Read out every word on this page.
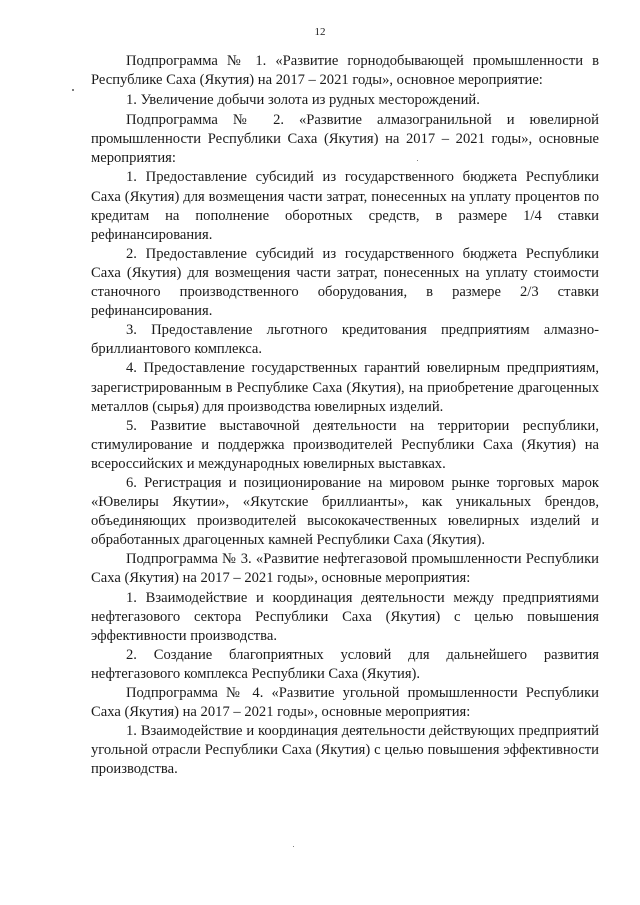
12

Подпрограмма № 1. «Развитие горнодобывающей промышленности в Республике Саха (Якутия) на 2017 – 2021 годы», основное мероприятие:

1. Увеличение добычи золота из рудных месторождений.

Подпрограмма № 2. «Развитие алмазогранильной и ювелирной промышленности Республики Саха (Якутия) на 2017 – 2021 годы», основные мероприятия:

1. Предоставление субсидий из государственного бюджета Республики Саха (Якутия) для возмещения части затрат, понесенных на уплату процентов по кредитам на пополнение оборотных средств, в размере 1/4 ставки рефинансирования.

2. Предоставление субсидий из государственного бюджета Республики Саха (Якутия) для возмещения части затрат, понесенных на уплату стоимости станочного производственного оборудования, в размере 2/3 ставки рефинансирования.

3. Предоставление льготного кредитования предприятиям алмазно-бриллиантового комплекса.

4. Предоставление государственных гарантий ювелирным предприятиям, зарегистрированным в Республике Саха (Якутия), на приобретение драгоценных металлов (сырья) для производства ювелирных изделий.

5. Развитие выставочной деятельности на территории республики, стимулирование и поддержка производителей Республики Саха (Якутия) на всероссийских и международных ювелирных выставках.

6. Регистрация и позиционирование на мировом рынке торговых марок «Ювелиры Якутии», «Якутские бриллианты», как уникальных брендов, объединяющих производителей высококачественных ювелирных изделий и обработанных драгоценных камней Республики Саха (Якутия).

Подпрограмма № 3. «Развитие нефтегазовой промышленности Республики Саха (Якутия) на 2017 – 2021 годы», основные мероприятия:

1. Взаимодействие и координация деятельности между предприятиями нефтегазового сектора Республики Саха (Якутия) с целью повышения эффективности производства.

2. Создание благоприятных условий для дальнейшего развития нефтегазового комплекса Республики Саха (Якутия).

Подпрограмма № 4. «Развитие угольной промышленности Республики Саха (Якутия) на 2017 – 2021 годы», основные мероприятия:

1. Взаимодействие и координация деятельности действующих предприятий угольной отрасли Республики Саха (Якутия) с целью повышения эффективности производства.
